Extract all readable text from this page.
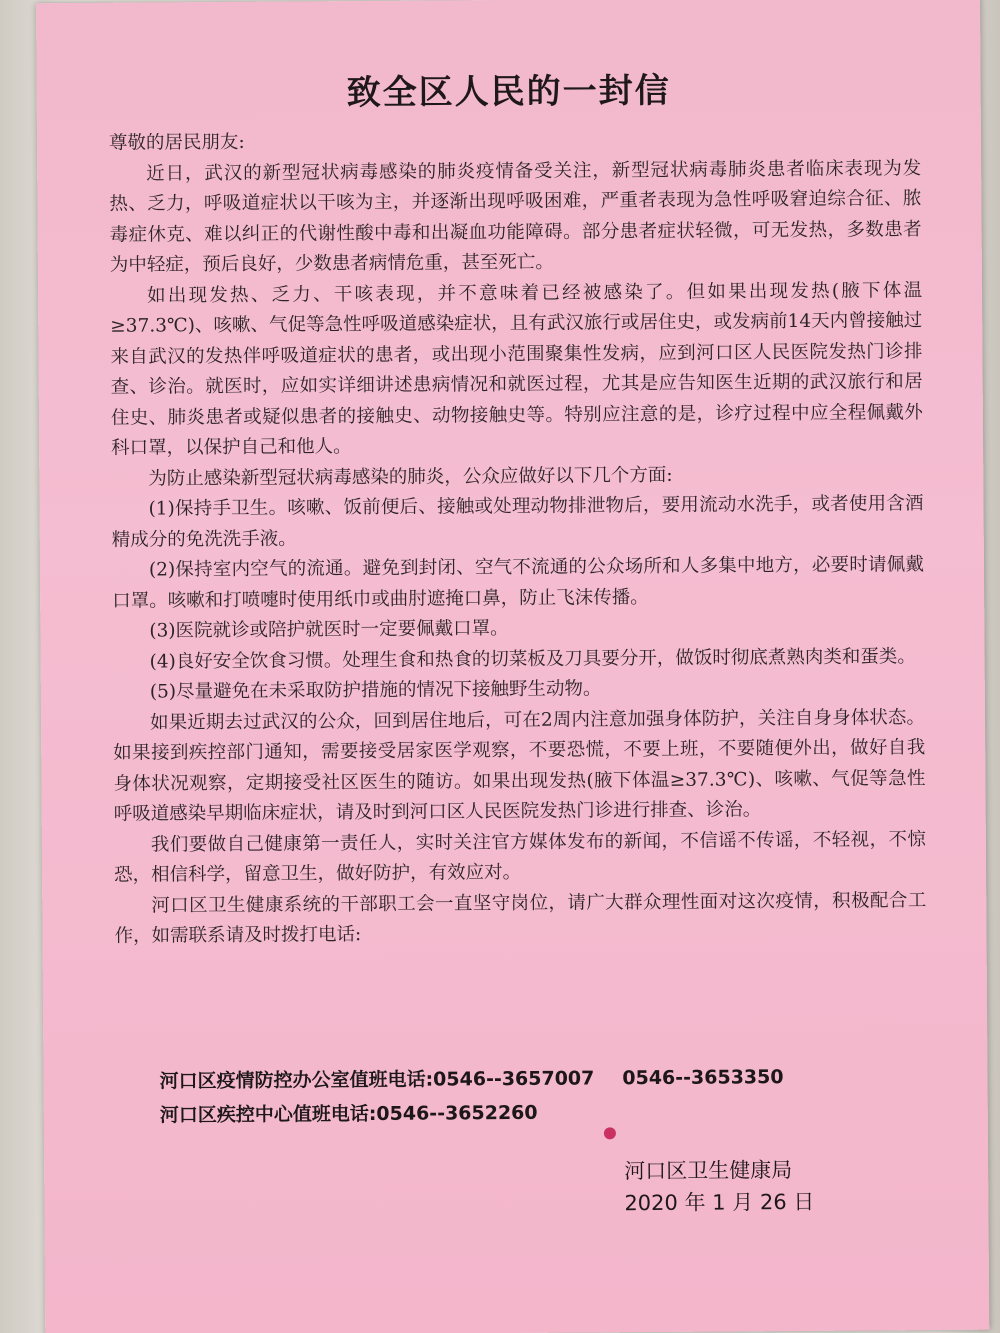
致全区人民的一封信

尊敬的居民朋友:

近日，武汉的新型冠状病毒感染的肺炎疫情备受关注，新型冠状病毒肺炎患者临床表现为发热、乏力，呼吸道症状以干咳为主，并逐渐出现呼吸困难，严重者表现为急性呼吸窘迫综合征、脓毒症休克、难以纠正的代谢性酸中毒和出凝血功能障碍。部分患者症状轻微，可无发热，多数患者为中轻症，预后良好，少数患者病情危重，甚至死亡。

如出现发热、乏力、干咳表现，并不意味着已经被感染了。但如果出现发热(腋下体温≥37.3℃)、咳嗽、气促等急性呼吸道感染症状，且有武汉旅行或居住史，或发病前14天内曾接触过来自武汉的发热伴呼吸道症状的患者，或出现小范围聚集性发病，应到河口区人民医院发热门诊排查、诊治。就医时，应如实详细讲述患病情况和就医过程，尤其是应告知医生近期的武汉旅行和居住史、肺炎患者或疑似患者的接触史、动物接触史等。特别应注意的是，诊疗过程中应全程佩戴外科口罩，以保护自己和他人。

为防止感染新型冠状病毒感染的肺炎，公众应做好以下几个方面:

(1)保持手卫生。咳嗽、饭前便后、接触或处理动物排泄物后，要用流动水洗手，或者使用含酒精成分的免洗洗手液。

(2)保持室内空气的流通。避免到封闭、空气不流通的公众场所和人多集中地方，必要时请佩戴口罩。咳嗽和打喷嚏时使用纸巾或曲肘遮掩口鼻，防止飞沫传播。

(3)医院就诊或陪护就医时一定要佩戴口罩。

(4)良好安全饮食习惯。处理生食和热食的切菜板及刀具要分开，做饭时彻底煮熟肉类和蛋类。

(5)尽量避免在未采取防护措施的情况下接触野生动物。

如果近期去过武汉的公众，回到居住地后，可在2周内注意加强身体防护，关注自身身体状态。如果接到疾控部门通知，需要接受居家医学观察，不要恐慌，不要上班，不要随便外出，做好自我身体状况观察，定期接受社区医生的随访。如果出现发热(腋下体温≥37.3℃)、咳嗽、气促等急性呼吸道感染早期临床症状，请及时到河口区人民医院发热门诊进行排查、诊治。

我们要做自己健康第一责任人，实时关注官方媒体发布的新闻，不信谣不传谣，不轻视，不惊恐，相信科学，留意卫生，做好防护，有效应对。

河口区卫生健康系统的干部职工会一直坚守岗位，请广大群众理性面对这次疫情，积极配合工作，如需联系请及时拨打电话:

河口区疫情防控办公室值班电话:0546--3657007 0546--3653350
河口区疾控中心值班电话:0546--3652260
河口区卫生健康局
2020 年 1 月 26 日
